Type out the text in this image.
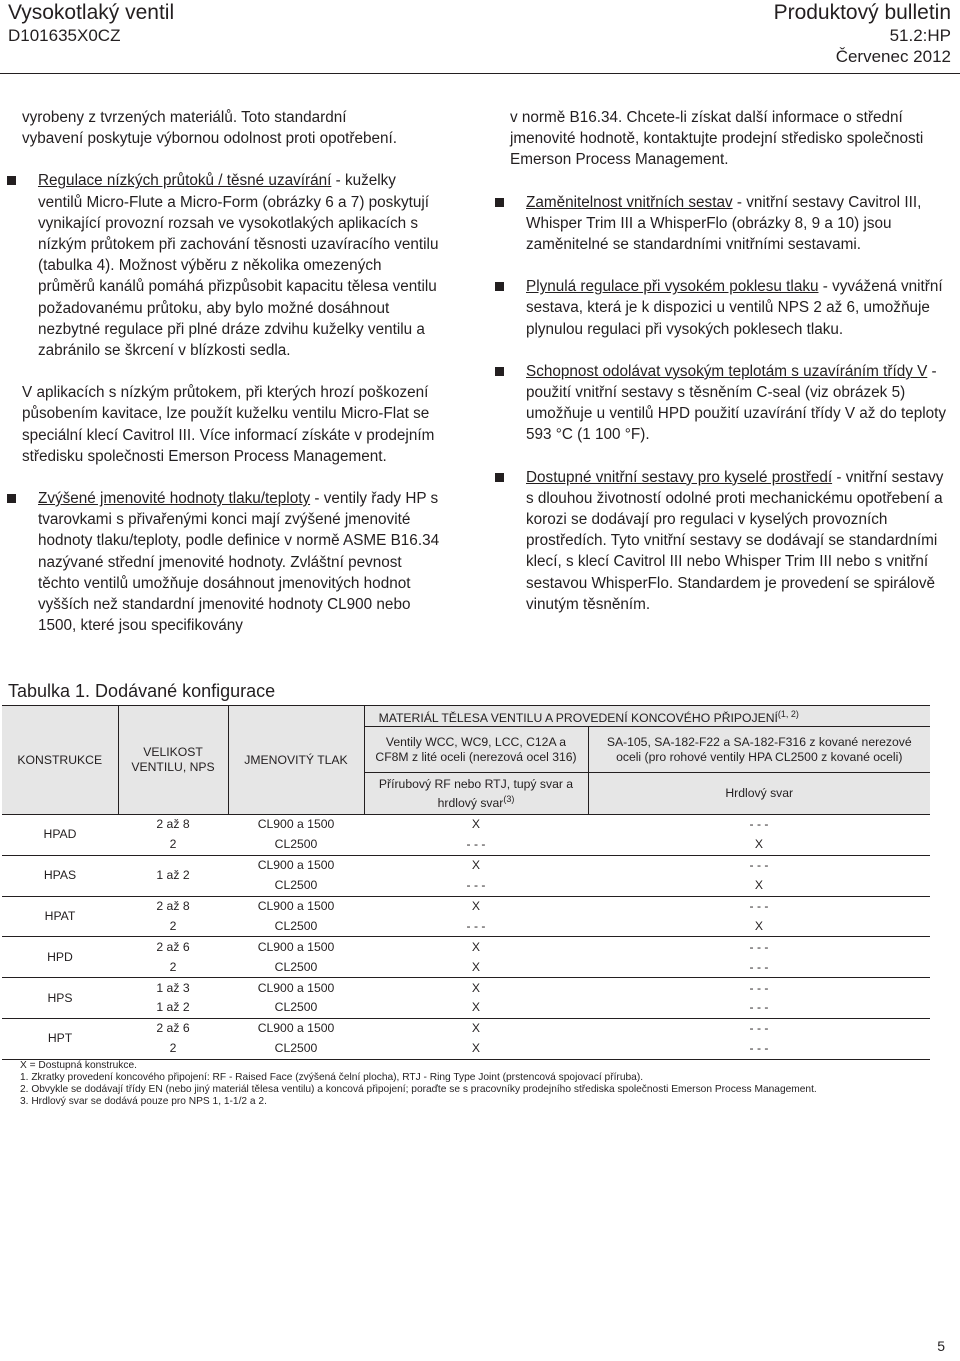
Vysokotlaký ventil
D101635X0CZ
Produktový bulletin
51.2:HP
Červenec 2012

vyrobeny z tvrzených materiálů. Toto standardní

vybavení poskytuje výbornou odolnost proti opotřebení.

Regulace nízkých průtoků / těsné uzavírání - kuželky ventilů Micro-Flute a Micro-Form (obrázky 6 a 7) poskytují vynikající provozní rozsah ve vysokotlakých aplikacích s nízkým průtokem při zachování těsnosti uzavíracího ventilu (tabulka 4). Možnost výběru z několika omezených průměrů kanálů pomáhá přizpůsobit kapacitu tělesa ventilu požadovanému průtoku, aby bylo možné dosáhnout nezbytné regulace při plné dráze zdvihu kuželky ventilu a zabránilo se škrcení v blízkosti sedla.

V aplikacích s nízkým průtokem, při kterých hrozí poškození působením kavitace, lze použít kuželku ventilu Micro-Flat se speciální klecí Cavitrol III. Více informací získáte v prodejním středisku společnosti Emerson Process Management.

Zvýšené jmenovité hodnoty tlaku/teploty - ventily řady HP s tvarovkami s přivařenými konci mají zvýšené jmenovité hodnoty tlaku/teploty, podle definice v normě ASME B16.34 nazývané střední jmenovité hodnoty. Zvláštní pevnost těchto ventilů umožňuje dosáhnout jmenovitých hodnot vyšších než standardní jmenovité hodnoty CL900 nebo 1500, které jsou specifikovány

v normě B16.34. Chcete-li získat další informace o střední jmenovité hodnotě, kontaktujte prodejní středisko společnosti Emerson Process Management.

Zaměnitelnost vnitřních sestav - vnitřní sestavy Cavitrol III, Whisper Trim III a WhisperFlo (obrázky 8, 9 a 10) jsou zaměnitelné se standardními vnitřními sestavami.

Plynulá regulace při vysokém poklesu tlaku - vyvážená vnitřní sestava, která je k dispozici u ventilů NPS 2 až 6, umožňuje plynulou regulaci při vysokých poklesech tlaku.

Schopnost odolávat vysokým teplotám s uzavíráním třídy V - použití vnitřní sestavy s těsněním C-seal (viz obrázek 5) umožňuje u ventilů HPD použití uzavírání třídy V až do teploty 593 °C (1 100 °F).

Dostupné vnitřní sestavy pro kyselé prostředí - vnitřní sestavy s dlouhou životností odolné proti mechanickému opotřebení a korozi se dodávají pro regulaci v kyselých provozních prostředích. Tyto vnitřní sestavy se dodávají se standardními klecí, s klecí Cavitrol III nebo Whisper Trim III nebo s vnitřní sestavou WhisperFlo. Standardem je provedení se spirálově vinutým těsněním.

Tabulka 1. Dodávané konfigurace
KONSTRUKCE	VELIKOST VENTILU, NPS	JMENOVITÝ TLAK	MATERIÁL TĚLESA VENTILU A PROVEDENÍ KONCOVÉHO PŘIPOJENÍ$^{(1, 2)}$	
			Ventily WCC, WC9, LCC, C12A a CF8M z lité oceli (nerezová ocel 316)	SA-105, SA-182-F22 a SA-182-F316 z kované nerezové oceli (pro rohové ventily HPA CL2500 z kované oceli)	
			Přírubový RF nebo RTJ, tupý svar a hrdlový svar$^{(3)}$	Hrdlový svar	
HPAD	2 až 8	CL900 a 1500	X	- - -	
	2	CL2500	- - -	X	
HPAS	1 až 2	CL900 a 1500	X	- - -	
		CL2500	- - -	X	
HPAT	2 až 8	CL900 a 1500	X	- - -	
	2	CL2500	- - -	X	
HPD	2 až 6	CL900 a 1500	X	- - -	
	2	CL2500	X	- - -	
HPS	1 až 3	CL900 a 1500	X	- - -	
	1 až 2	CL2500	X	- - -	
HPT	2 až 6	CL900 a 1500	X	- - -	
	2	CL2500	X	- - -	
X = Dostupná konstrukce.
1. Zkratky provedení koncového připojení: RF - Raised Face (zvýšená čelní plocha), RTJ - Ring Type Joint (prstencová spojovací příruba).
2. Obvykle se dodávají třídy EN (nebo jiný materiál tělesa ventilu) a koncová připojení; poraďte se s pracovníky prodejního střediska společnosti Emerson Process Management.
3. Hrdlový svar se dodává pouze pro NPS 1, 1-1/2 a 2.
5
